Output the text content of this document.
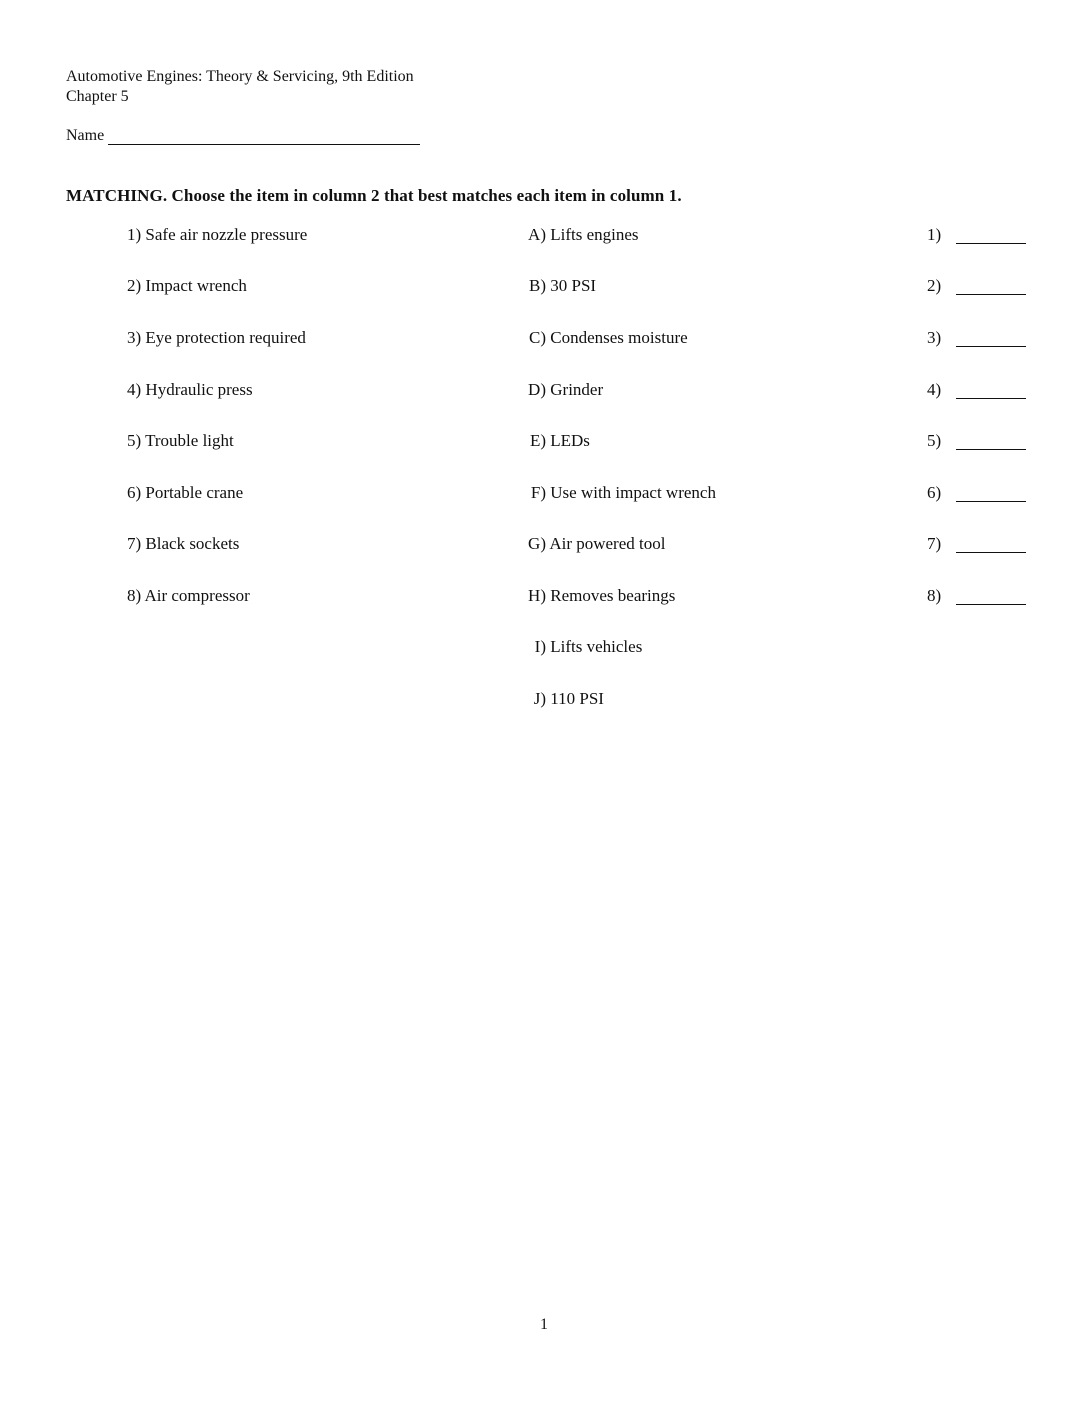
Automotive Engines: Theory & Servicing, 9th Edition
Chapter 5
Name
MATCHING. Choose the item in column 2 that best matches each item in column 1.
1) Safe air nozzle pressure	A) Lifts engines	1)
2) Impact wrench	B) 30 PSI	2)
3) Eye protection required	C) Condenses moisture	3)
4) Hydraulic press	D) Grinder	4)
5) Trouble light	E) LEDs	5)
6) Portable crane	F) Use with impact wrench	6)
7) Black sockets	G) Air powered tool	7)
8) Air compressor	H) Removes bearings	8)
I) Lifts vehicles
J) 110 PSI
1
